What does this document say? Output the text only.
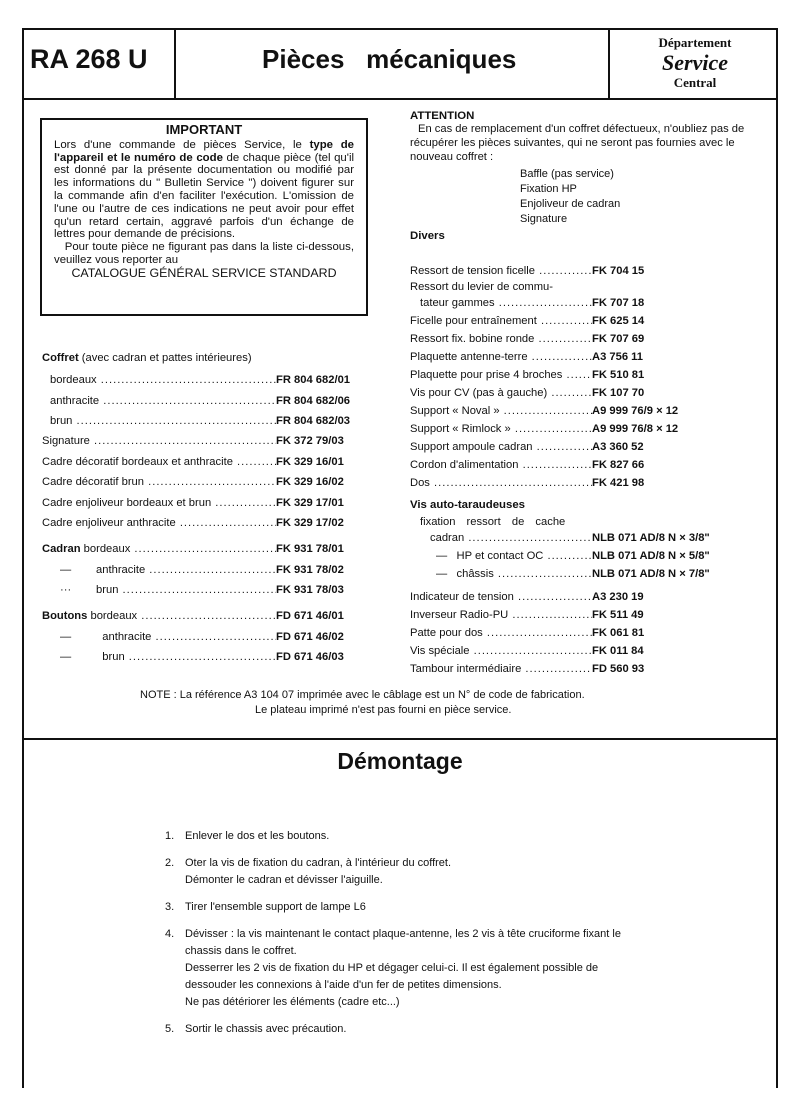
RA 268 U	Pièces   mécaniques
Département
Service
Central
IMPORTANT
Lors d'une commande de pièces Service, le type de l'appareil et le numéro de code de chaque pièce (tel qu'il est donné par la présente documentation ou modifié par les informations du " Bulletin Service ") doivent figurer sur la commande afin d'en faciliter l'exécution. L'omission de l'une ou l'autre de ces indications ne peut avoir pour effet qu'un retard certain, aggravé parfois d'un échange de lettres pour demande de précisions.
Pour toute pièce ne figurant pas dans la liste ci-dessous, veuillez vous reporter au
CATALOGUE GÉNÉRAL SERVICE STANDARD
Coffret (avec cadran et pattes intérieures)
bordeaux .....	FR 804 682/01
anthracite .....	FR 804 682/06
brun .....	FR 804 682/03
Signature .....	FK 372 79/03
Cadre décoratif bordeaux et anthracite .....	FK 329 16/01
Cadre décoratif brun .....	FK 329 16/02
Cadre enjoliveur bordeaux et brun .....	FK 329 17/01
Cadre enjoliveur anthracite .....	FK 329 17/02
Cadran bordeaux .....	FK 931 78/01
—        anthracite .....	FK 931 78/02
···        brun .....	FK 931 78/03
Boutons bordeaux .....	FD 671 46/01
—          anthracite .....	FD 671 46/02
—          brun .....	FD 671 46/03
ATTENTION

En cas de remplacement d'un coffret défectueux, n'oubliez pas de récupérer les pièces suivantes, qui ne seront pas fournies avec le nouveau coffret :

Baffle (pas service)
Fixation HP
Enjoliveur de cadran
Signature
Divers
Ressort de tension ficelle .....	FK 704 15
Ressort du levier de commu-
tateur gammes .....	FK 707 18
Ficelle pour entraînement .....	FK 625 14
Ressort fix. bobine ronde .....	FK 707 69
Plaquette antenne-terre .....	A3 756 11
Plaquette pour prise 4 broches .....	FK 510 81
Vis pour CV (pas à gauche) .....	FK 107 70
Support « Noval » .....	A9 999 76/9 × 12
Support « Rimlock » .....	A9 999 76/8 × 12
Support ampoule cadran .....	A3 360 52
Cordon d'alimentation .....	FK 827 66
Dos .....	FK 421 98
Vis auto-taraudeuses
fixation ressort de cache
cadran .....	NLB 071 AD/8 N × 3/8"
—   HP et contact OC .....	NLB 071 AD/8 N × 5/8"
—   châssis .....	NLB 071 AD/8 N × 7/8"
Indicateur de tension .....	A3 230 19
Inverseur Radio-PU .....	FK 511 49
Patte pour dos .....	FK 061 81
Vis spéciale .....	FK 011 84
Tambour intermédiaire .....	FD 560 93
NOTE : La référence A3 104 07 imprimée avec le câblage est un N° de code de fabrication.
Le plateau imprimé n'est pas fourni en pièce service.
Démontage
1. Enlever le dos et les boutons.
2. Oter la vis de fixation du cadran, à l'intérieur du coffret.
Démonter le cadran et dévisser l'aiguille.
3. Tirer l'ensemble support de lampe L6
4. Dévisser : la vis maintenant le contact plaque-antenne, les 2 vis à tête cruciforme fixant le chassis dans le coffret.
Desserrer les 2 vis de fixation du HP et dégager celui-ci. Il est également possible de dessouder les connexions à l'aide d'un fer de petites dimensions.
Ne pas détériorer les éléments (cadre etc...)
5. Sortir le chassis avec précaution.
